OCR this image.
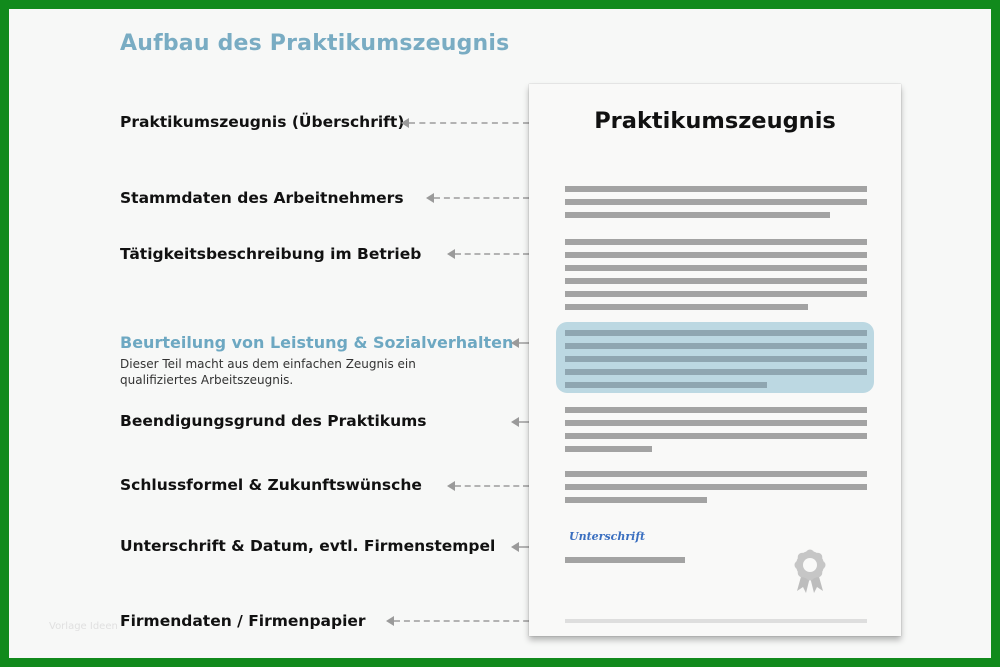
Aufbau des Praktikumszeugnis
Praktikumszeugnis (Überschrift)
Stammdaten des Arbeitnehmers
Tätigkeitsbeschreibung im Betrieb
Beurteilung von Leistung & Sozialverhalten
Dieser Teil macht aus dem einfachen Zeugnis ein qualifiziertes Arbeitszeugnis.
Beendigungsgrund des Praktikums
Schlussformel & Zukunftswünsche
Unterschrift & Datum, evtl. Firmenstempel
Firmendaten / Firmenpapier
Vorlage Ideen
Praktikumszeugnis
Unterschrift
